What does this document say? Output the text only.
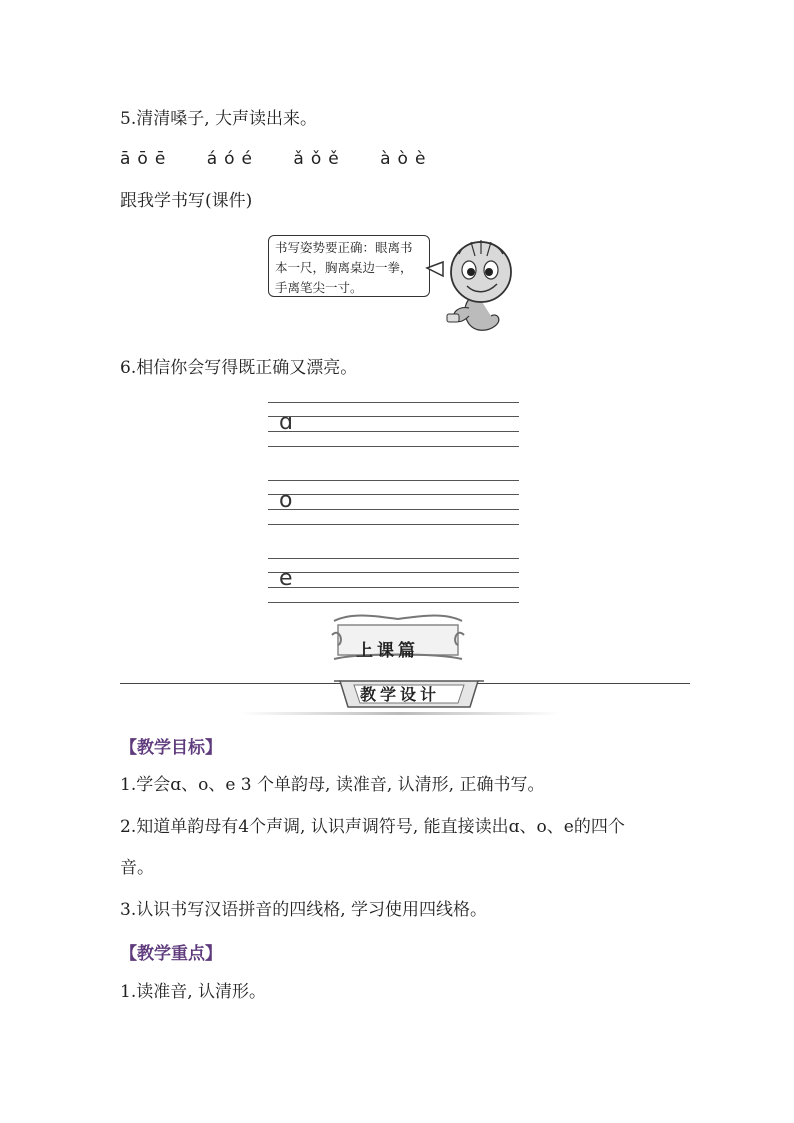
5.清清嗓子, 大声读出来。
ā ō ē á ó é ǎ ǒ ě à ò è
跟我学书写(课件)
书写姿势要正确：眼离书本一尺，胸离桌边一拳，手离笔尖一寸。
6.相信你会写得既正确又漂亮。
ɑ
o
e
上课篇
教学设计
【教学目标】
1.学会ɑ、o、e 3 个单韵母, 读准音, 认清形, 正确书写。
2.知道单韵母有4个声调, 认识声调符号, 能直接读出ɑ、o、e的四个
音。
3.认识书写汉语拼音的四线格, 学习使用四线格。
【教学重点】
1.读准音, 认清形。
